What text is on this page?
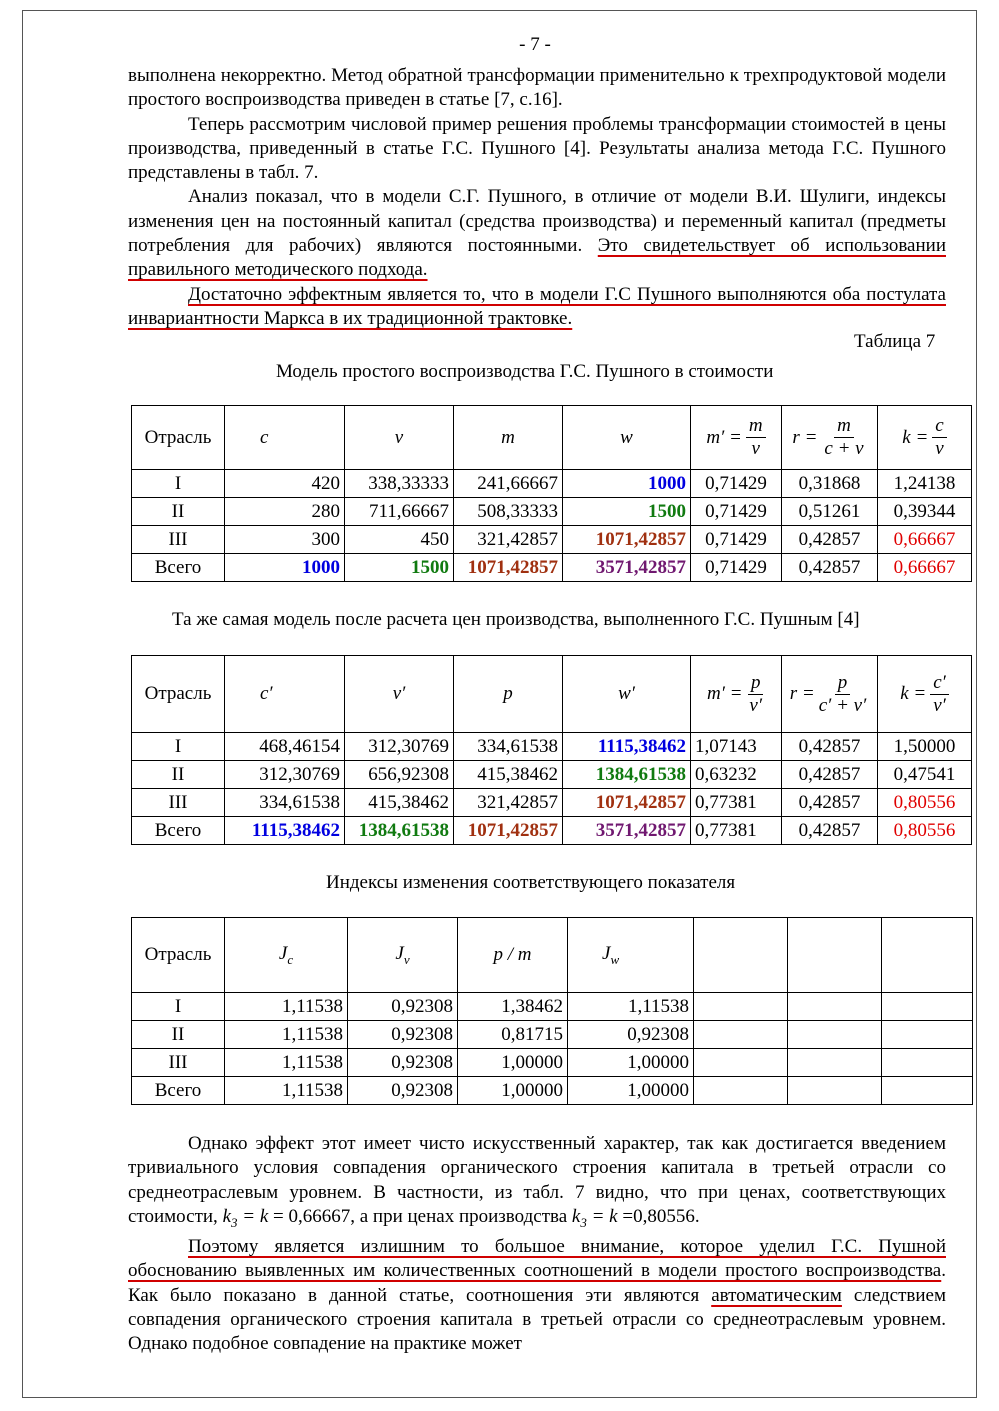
- 7 -

выполнена некорректно. Метод обратной трансформации применительно к трехпродуктовой модели простого воспроизводства приведен в статье [7, с.16].

Теперь рассмотрим числовой пример решения проблемы трансформации стоимостей в цены производства, приведенный в статье Г.С. Пушного [4]. Результаты анализа метода Г.С. Пушного представлены в табл. 7.

Анализ показал, что в модели С.Г. Пушного, в отличие от модели В.И. Шулиги, индексы изменения цен на постоянный капитал (средства производства) и переменный капитал (предметы потребления для рабочих) являются постоянными. Это свидетельствует об использовании правильного методического подхода.

Достаточно эффектным является то, что в модели Г.С Пушного выполняются оба постулата инвариантности Маркса в их традиционной трактовке.

Таблица 7
Модель простого воспроизводства Г.С. Пушного в стоимости
Отрасль	c	v	m	w	$m' = \frac{m}{v}$	$r = \frac{m}{c + v}$	$k = \frac{c}{v}$

I	420	338,33333	241,66667	1000	0,71429	0,31868	1,24138
II	280	711,66667	508,33333	1500	0,71429	0,51261	0,39344
III	300	450	321,42857	1071,42857	0,71429	0,42857	0,66667
Всего	1000	1500	1071,42857	3571,42857	0,71429	0,42857	0,66667
Та же самая модель после расчета цен производства, выполненного Г.С. Пушным [4]
Отрасль	c′	v′	p	w′	$m' = \frac{p}{v'}$	$r = \frac{p}{c' + v'}$	$k = \frac{c'}{v'}$

I	468,46154	312,30769	334,61538	1115,38462	1,07143	0,42857	1,50000
II	312,30769	656,92308	415,38462	1384,61538	0,63232	0,42857	0,47541
III	334,61538	415,38462	321,42857	1071,42857	0,77381	0,42857	0,80556
Всего	1115,38462	1384,61538	1071,42857	3571,42857	0,77381	0,42857	0,80556
Индексы изменения соответствующего показателя
Отрасль	$J_c$	$J_v$	p / m	$J_w$			
I	1,11538	0,92308	1,38462	1,11538			
II	1,11538	0,92308	0,81715	0,92308			
III	1,11538	0,92308	1,00000	1,00000			
Всего	1,11538	0,92308	1,00000	1,00000			

Однако эффект этот имеет чисто искусственный характер, так как достигается введением тривиального условия совпадения органического строения капитала в третьей отрасли со среднеотраслевым уровнем. В частности, из табл. 7 видно, что при ценах, соответствующих стоимости, $k_3 = k = 0,66667$, а при ценах производства $k_3 = k =0,80556$.

Поэтому является излишним то большое внимание, которое уделил Г.С. Пушной обоснованию выявленных им количественных соотношений в модели простого воспроизводства. Как было показано в данной статье, соотношения эти являются автоматическим следствием совпадения органического строения капитала в третьей отрасли со среднеотраслевым уровнем. Однако подобное совпадение на практике может
